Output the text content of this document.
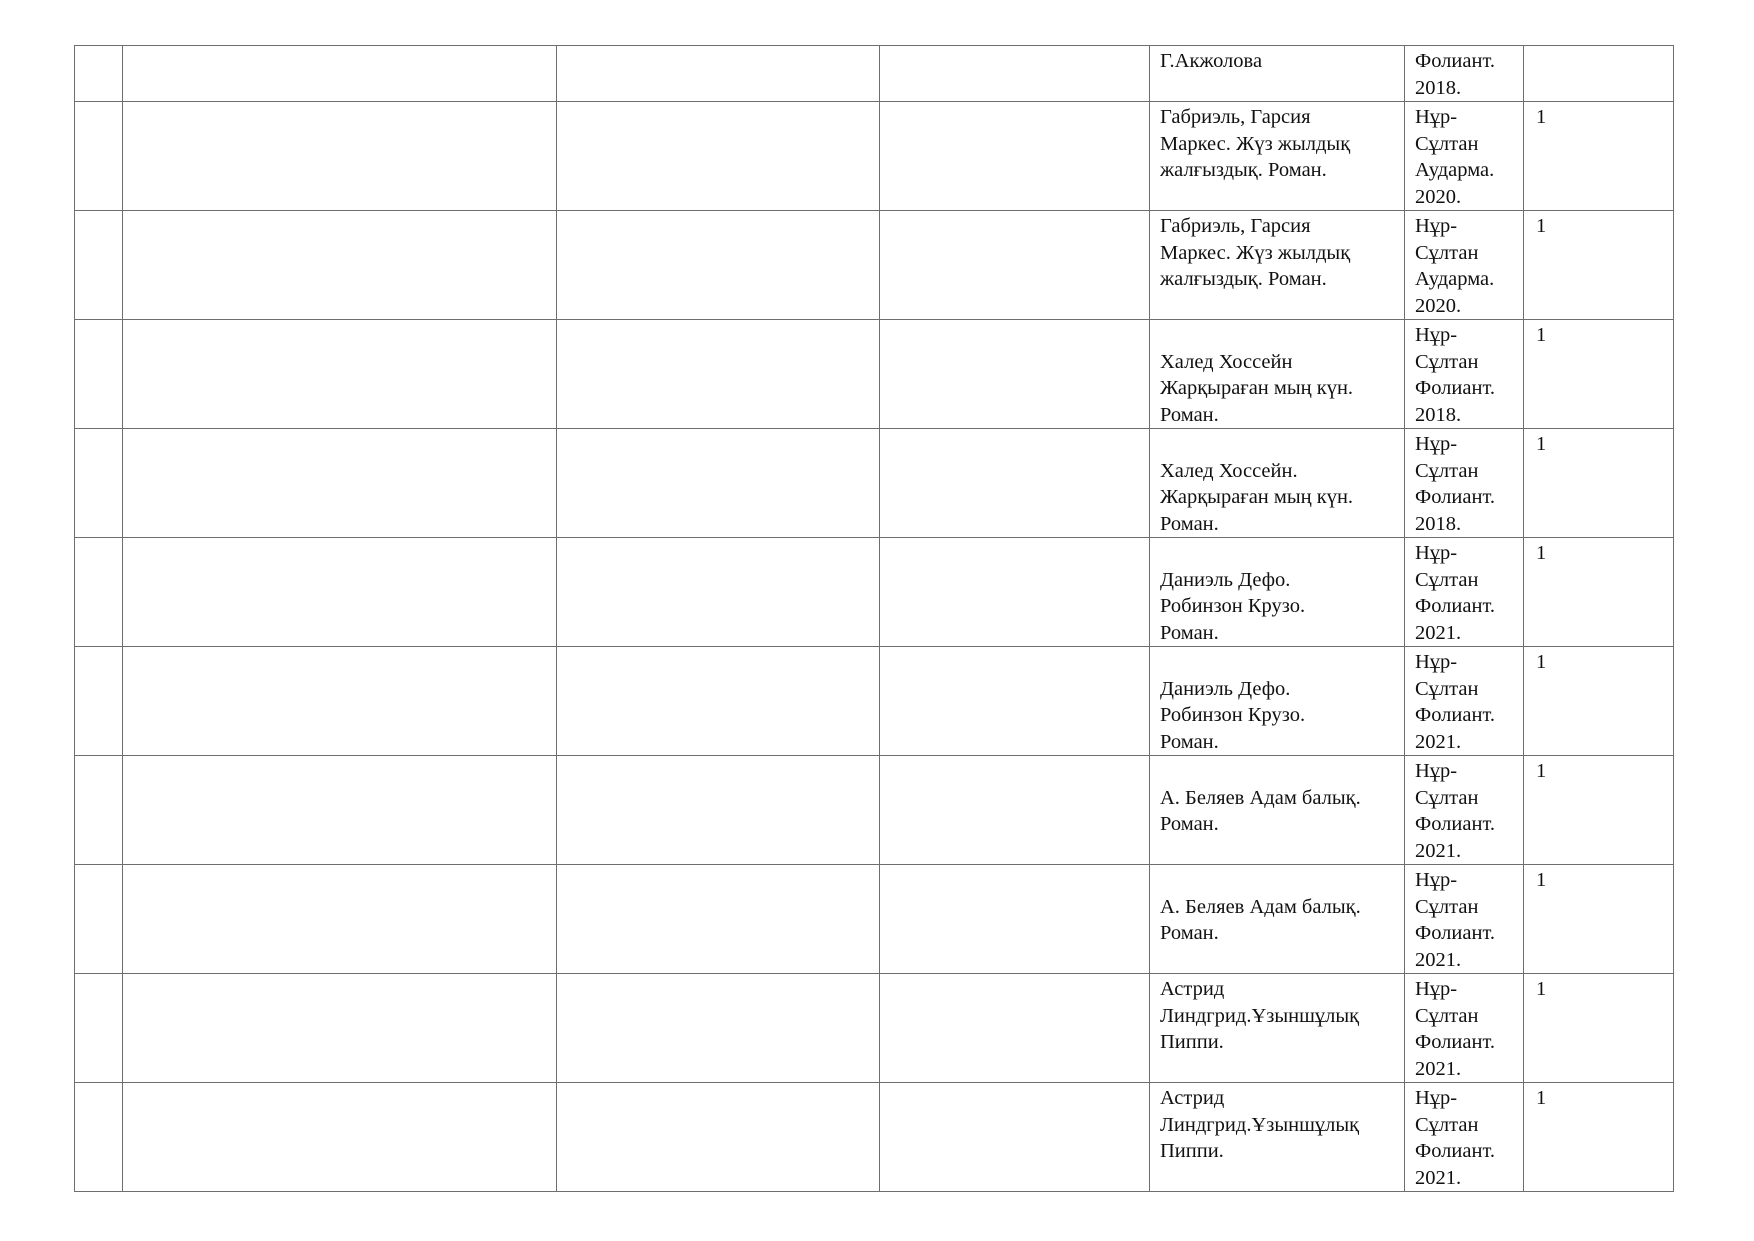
				Г.Акжолова	Фолиант.
2018.	

				Габриэль, Гарсия
Маркес. Жүз жылдық
жалғыздық. Роман.	Нұр-
Сұлтан
Аударма.
2020.	1

				Габриэль, Гарсия
Маркес. Жүз жылдық
жалғыздық. Роман.	Нұр-
Сұлтан
Аударма.
2020.	1

Халед Хоссейн
Жарқыраған мың күн.
Роман.	Нұр-
Сұлтан
Фолиант.
2018.	1

Халед Хоссейн.
Жарқыраған мың күн.
Роман.	Нұр-
Сұлтан
Фолиант.
2018.	1

Даниэль Дефо.
Робинзон Крузо.
Роман.	Нұр-
Сұлтан
Фолиант.
2021.	1

Даниэль Дефо.
Робинзон Крузо.
Роман.	Нұр-
Сұлтан
Фолиант.
2021.	1

А. Беляев Адам балық.
Роман.	Нұр-
Сұлтан
Фолиант.
2021.	1

А. Беляев Адам балық.
Роман.	Нұр-
Сұлтан
Фолиант.
2021.	1

				Астрид
Линдгрид.Ұзыншұлық
Пиппи.	Нұр-
Сұлтан
Фолиант.
2021.	1

				Астрид
Линдгрид.Ұзыншұлық
Пиппи.	Нұр-
Сұлтан
Фолиант.
2021.	1
